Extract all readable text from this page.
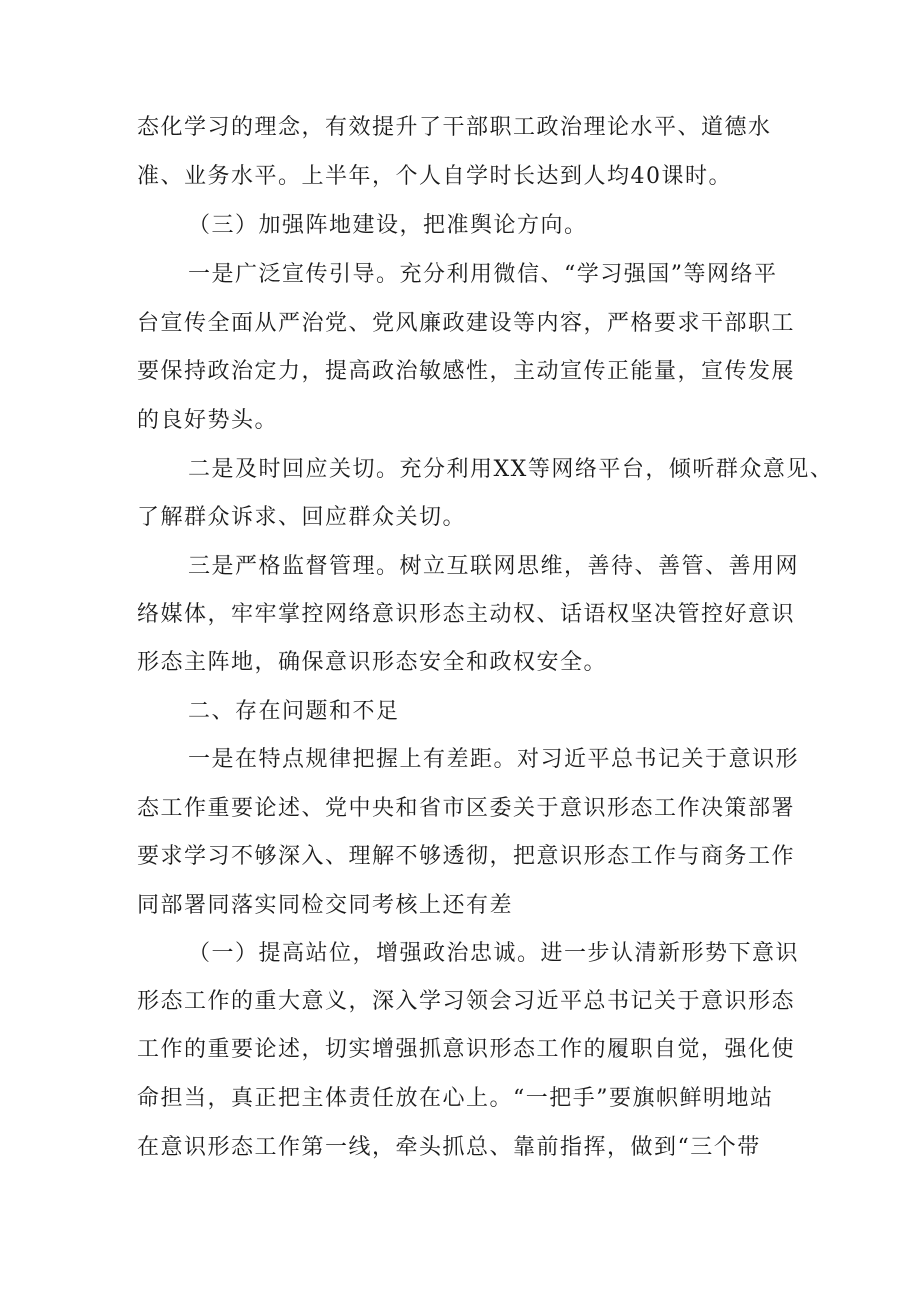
态化学习的理念，有效提升了干部职工政治理论水平、道德水
准、业务水平。上半年，个人自学时长达到人均40课时。
（三）加强阵地建设，把准舆论方向。
一是广泛宣传引导。充分利用微信、“学习强国”等网络平
台宣传全面从严治党、党风廉政建设等内容，严格要求干部职工
要保持政治定力，提高政治敏感性，主动宣传正能量，宣传发展
的良好势头。
二是及时回应关切。充分利用XX等网络平台，倾听群众意见、
了解群众诉求、回应群众关切。
三是严格监督管理。树立互联网思维，善待、善管、善用网
络媒体，牢牢掌控网络意识形态主动权、话语权坚决管控好意识
形态主阵地，确保意识形态安全和政权安全。
二、存在问题和不足
一是在特点规律把握上有差距。对习近平总书记关于意识形
态工作重要论述、党中央和省市区委关于意识形态工作决策部署
要求学习不够深入、理解不够透彻，把意识形态工作与商务工作
同部署同落实同检交同考核上还有差
（一）提高站位，增强政治忠诚。进一步认清新形势下意识
形态工作的重大意义，深入学习领会习近平总书记关于意识形态
工作的重要论述，切实增强抓意识形态工作的履职自觉，强化使
命担当，真正把主体责任放在心上。“一把手”要旗帜鲜明地站
在意识形态工作第一线，牵头抓总、靠前指挥，做到“三个带
